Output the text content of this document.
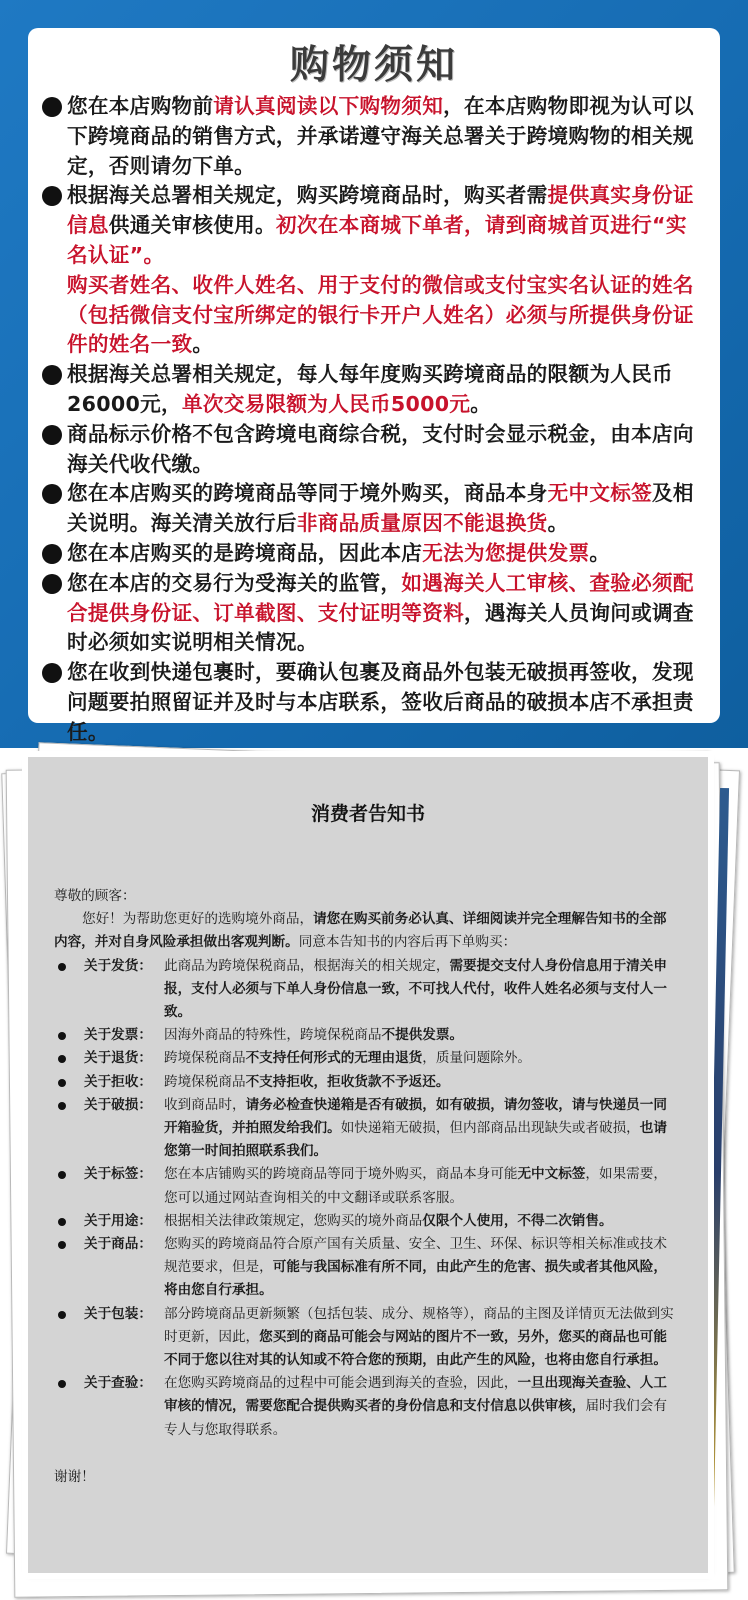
购物须知
您在本店购物前请认真阅读以下购物须知，在本店购物即视为认可以下跨境商品的销售方式，并承诺遵守海关总署关于跨境购物的相关规定，否则请勿下单。
根据海关总署相关规定，购买跨境商品时，购买者需提供真实身份证信息供通关审核使用。初次在本商城下单者，请到商城首页进行“实名认证”。
购买者姓名、收件人姓名、用于支付的微信或支付宝实名认证的姓名（包括微信支付宝所绑定的银行卡开户人姓名）必须与所提供身份证件的姓名一致。
根据海关总署相关规定，每人每年度购买跨境商品的限额为人民币26000元，单次交易限额为人民币5000元。
商品标示价格不包含跨境电商综合税，支付时会显示税金，由本店向海关代收代缴。
您在本店购买的跨境商品等同于境外购买，商品本身无中文标签及相关说明。海关清关放行后非商品质量原因不能退换货。
您在本店购买的是跨境商品，因此本店无法为您提供发票。
您在本店的交易行为受海关的监管，如遇海关人工审核、查验必须配合提供身份证、订单截图、支付证明等资料，遇海关人员询问或调查时必须如实说明相关情况。
您在收到快递包裹时，要确认包裹及商品外包装无破损再签收，发现问题要拍照留证并及时与本店联系，签收后商品的破损本店不承担责任。
消费者告知书
尊敬的顾客：
您好！为帮助您更好的选购境外商品，请您在购买前务必认真、详细阅读并完全理解告知书的全部内容，并对自身风险承担做出客观判断。同意本告知书的内容后再下单购买：
关于发货： 此商品为跨境保税商品，根据海关的相关规定，需要提交支付人身份信息用于清关申报，支付人必须与下单人身份信息一致，不可找人代付，收件人姓名必须与支付人一致。
关于发票： 因海外商品的特殊性，跨境保税商品不提供发票。
关于退货： 跨境保税商品不支持任何形式的无理由退货，质量问题除外。
关于拒收： 跨境保税商品不支持拒收，拒收货款不予返还。
关于破损： 收到商品时，请务必检查快递箱是否有破损，如有破损，请勿签收，请与快递员一同开箱验货，并拍照发给我们。如快递箱无破损，但内部商品出现缺失或者破损，也请您第一时间拍照联系我们。
关于标签： 您在本店铺购买的跨境商品等同于境外购买，商品本身可能无中文标签，如果需要，您可以通过网站查询相关的中文翻译或联系客服。
关于用途： 根据相关法律政策规定，您购买的境外商品仅限个人使用，不得二次销售。
关于商品： 您购买的跨境商品符合原产国有关质量、安全、卫生、环保、标识等相关标准或技术规范要求，但是，可能与我国标准有所不同，由此产生的危害、损失或者其他风险，将由您自行承担。
关于包装： 部分跨境商品更新频繁（包括包装、成分、规格等），商品的主图及详情页无法做到实时更新，因此，您买到的商品可能会与网站的图片不一致，另外，您买的商品也可能不同于您以往对其的认知或不符合您的预期，由此产生的风险，也将由您自行承担。
关于查验： 在您购买跨境商品的过程中可能会遇到海关的查验，因此，一旦出现海关查验、人工审核的情况，需要您配合提供购买者的身份信息和支付信息以供审核，届时我们会有专人与您取得联系。
谢谢！
